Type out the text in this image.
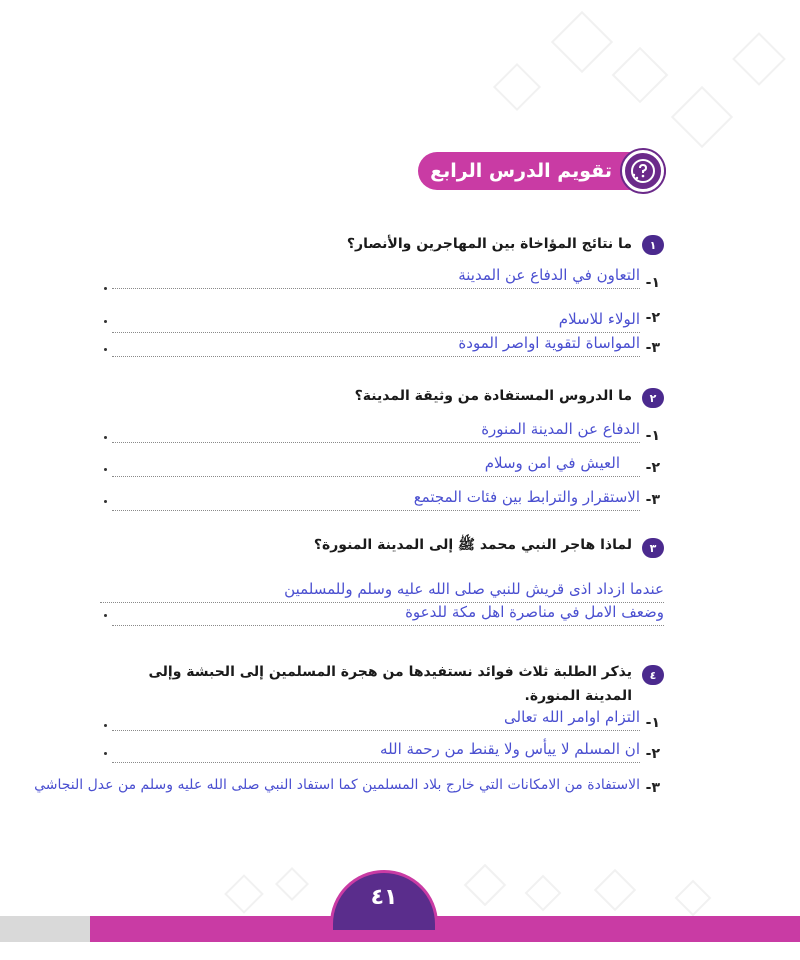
تقويم الدرس الرابع
١
ما نتائج المؤاخاة بين المهاجرين والأنصار؟
١-
التعاون في الدفاع عن المدينة
٢-
الولاء للاسلام
٣-
المواساة لتقوية اواصر المودة
٢
ما الدروس المستفادة من وثيقة المدينة؟
١-
الدفاع عن المدينة المنورة
٢-
العيش في امن وسلام
٣-
الاستقرار والترابط بين فئات المجتمع
٣
لماذا هاجر النبي محمد ﷺ إلى المدينة المنورة؟
عندما ازداد اذى قريش للنبي صلى الله عليه وسلم وللمسلمين
وضعف الامل في مناصرة اهل مكة للدعوة
٤
يذكر الطلبة ثلاث فوائد نستفيدها من هجرة المسلمين إلى الحبشة وإلى المدينة المنورة.
١-
التزام اوامر الله تعالى
٢-
ان المسلم لا ييأس ولا يقنط من رحمة الله
٣-
الاستفادة من الامكانات التي خارج بلاد المسلمين كما استفاد النبي صلى الله عليه وسلم من عدل النجاشي
٤١
